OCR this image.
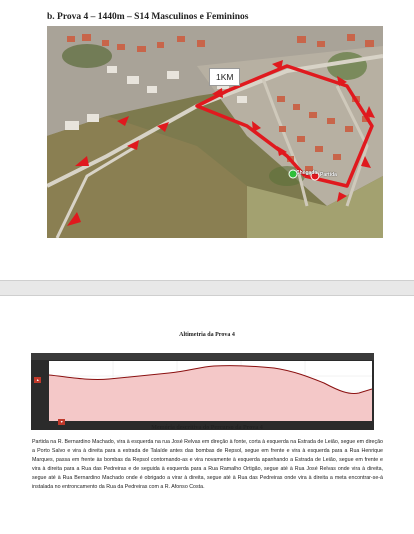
b. Prova 4 – 1440m – S14 Masculinos e Femininos
1KM
Chegada Partida
Altimetria da Prova 4
▲
▼
Memória descritiva do Percurso da Prova 4
Partida na R. Bernardino Machado, vira à esquerda na rua José Relvas em direção à fonte, corta à esquerda na Estrada de Leião, segue em direção a Porto Salvo e vira à direita para a estrada de Talaíde antes das bombas de Repsol, segue em frente e vira à esquerda para a Rua Henrique Marques, passa em frente às bombas da Repsol contornando-as e vira novamente à esquerda apanhando a Estrada de Leião, segue em frente e vira à direita para a Rua das Pedreiras e de seguida à esquerda para a Rua Ramalho Ortigão, segue até à Rua José Relvas onde vira à direita, segue até à Rua Bernardino Machado onde é obrigado a virar à direita, segue até à Rua das Pedreiras onde vira à direita a meta encontrar-se-á instalada no entroncamento da Rua da Pedreiras com a R. Afonso Costa.
